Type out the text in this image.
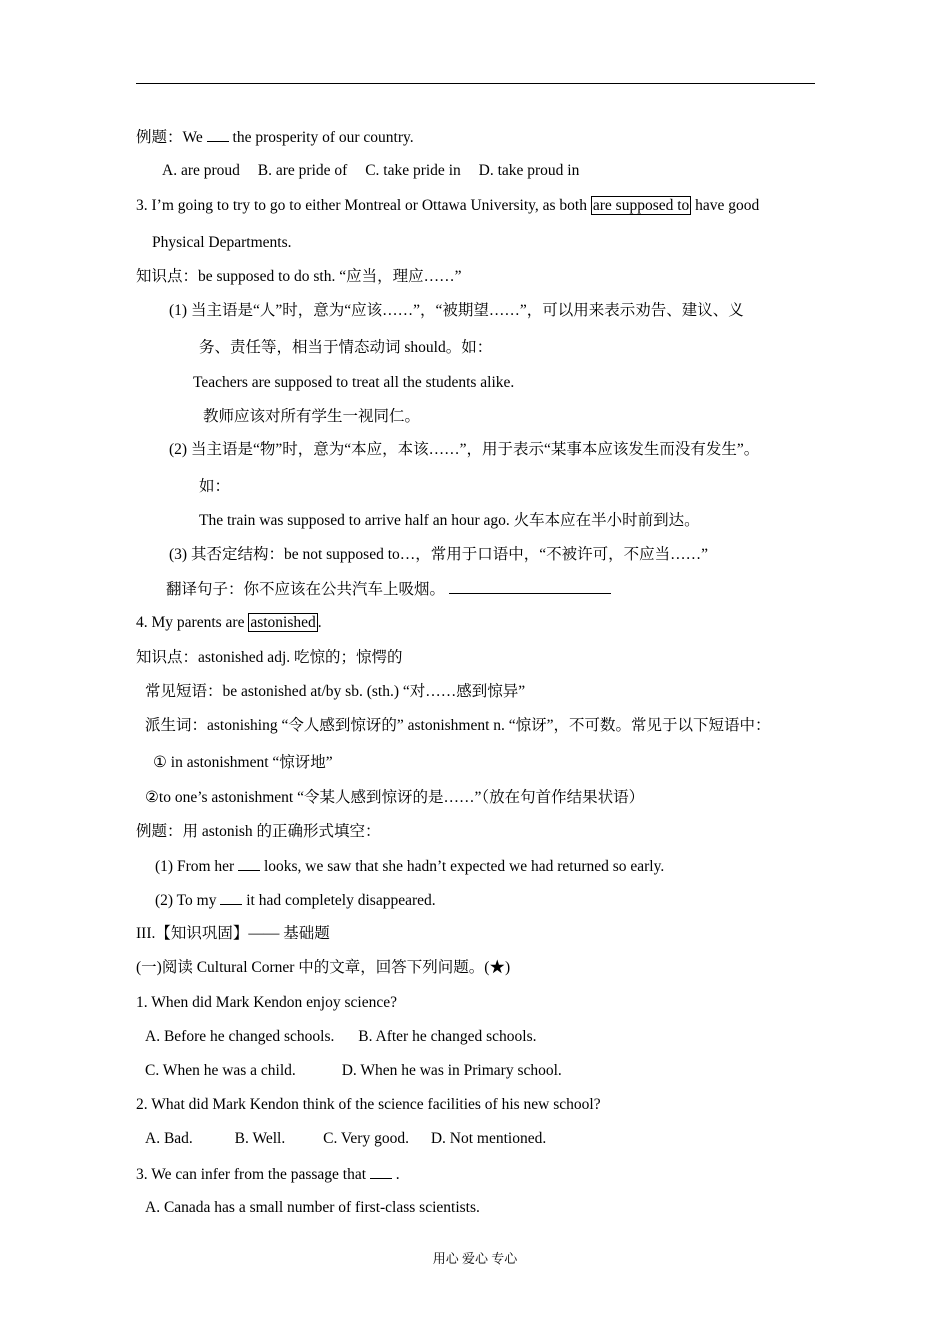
例题：We  the prosperity of our country.
A. are proud B. are pride of C. take pride in D. take proud in
3. I’m going to try to go to either Montreal or Ottawa University, as both are supposed to have good
Physical Departments.
知识点：be supposed to do sth. “应当，理应……”
(1) 当主语是“人”时，意为“应该……”，“被期望……”，可以用来表示劝告、建议、义
务、责任等，相当于情态动词 should。如：
Teachers are supposed to treat all the students alike.
教师应该对所有学生一视同仁。
(2) 当主语是“物”时，意为“本应，本该……”，用于表示“某事本应该发生而没有发生”。
如：
The train was supposed to arrive half an hour ago. 火车本应在半小时前到达。
(3) 其否定结构：be not supposed to…，常用于口语中，“不被许可，不应当……”
翻译句子：你不应该在公共汽车上吸烟。
4. My parents are astonished .
知识点：astonished adj. 吃惊的；惊愕的
常见短语：be astonished at/by sb. (sth.) “对……感到惊异”
派生词：astonishing “令人感到惊讶的” astonishment n. “惊讶”，不可数。常见于以下短语中：
① in astonishment “惊讶地”
②to one’s astonishment “令某人感到惊讶的是……”（放在句首作结果状语）
例题：用 astonish 的正确形式填空：
(1) From her  looks, we saw that she hadn’t expected we had returned so early.
(2) To my  it had completely disappeared.
III.【知识巩固】—— 基础题
(一)阅读 Cultural Corner 中的文章，回答下列问题。(★)
1. When did Mark Kendon enjoy science?
A. Before he changed schools. B. After he changed schools.
C. When he was a child.	D. When he was in Primary school.
2. What did Mark Kendon think of the science facilities of his new school?
A. Bad.	B. Well. C. Very good. D. Not mentioned.
3. We can infer from the passage that  .
A. Canada has a small number of first-class scientists.
用心 爱心 专心
